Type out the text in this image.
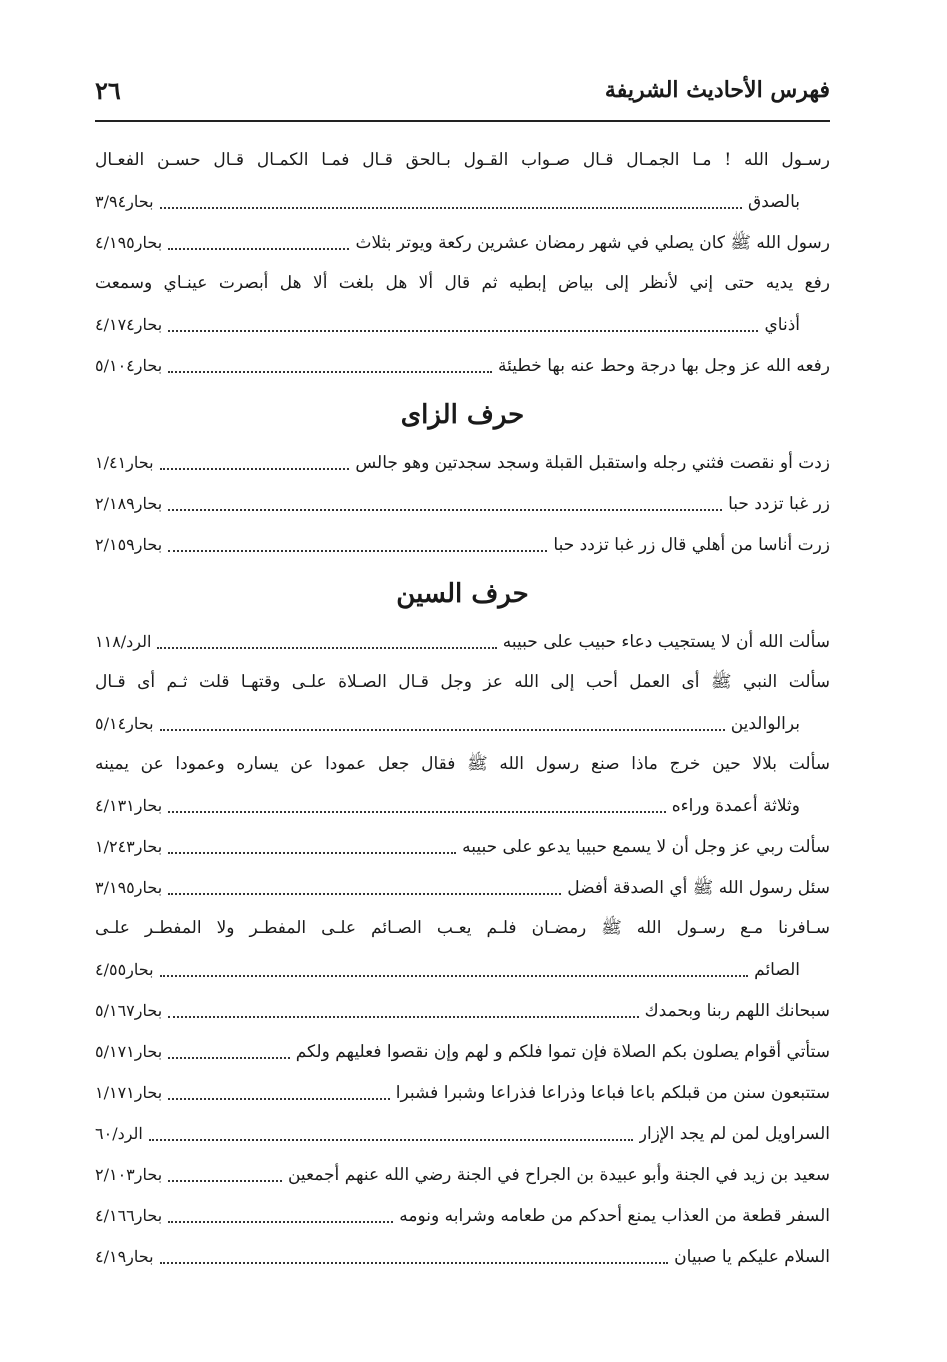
فهرس الأحاديث الشريفة
٢٦
رسـول الله ! مـا الجمـال قـال صـواب القـول بـالحق قـال فمـا الكمـال قـال حسـن الفعـال
بالصدق
بحار٣/٩٤
رسول الله ﷺ كان يصلي في شهر رمضان عشرين ركعة ويوتر بثلاث
بحار٤/١٩٥
رفع يديه حتى إني لأنظر إلى بياض إبطيه ثم قال ألا هل بلغت ألا هل أبصرت عينـاي وسمعت
أذناي
بحار٤/١٧٤
رفعه الله عز وجل بها درجة وحط عنه بها خطيئة
بحار٥/١٠٤
حرف الزاى
زدت أو نقصت فثني رجله واستقبل القبلة وسجد سجدتين وهو جالس
بحار١/٤١
زر غبا تزدد حبا
بحار٢/١٨٩
زرت أناسا من أهلي قال زر غبا تزدد حبا
بحار٢/١٥٩
حرف السين
سألت الله أن لا يستجيب دعاء حبيب على حبيبه
الرد/١١٨
سألت النبي ﷺ أى العمل أحب إلى الله عز وجل قـال الصـلاة علـى وقتهـا قلت ثـم أى قـال
برالوالدين
بحار٥/١٤
سألت بلالا حين خرج ماذا صنع رسول الله ﷺ فقال جعل عمودا عن يساره وعمودا عن يمينه
وثلاثة أعمدة وراءه
بحار٤/١٣١
سألت ربي عز وجل أن لا يسمع حبيبا يدعو على حبيبه
بحار١/٢٤٣
سئل رسول الله ﷺ أي الصدقة أفضل
بحار٣/١٩٥
سـافرنا مـع رسـول الله ﷺ رمضـان فلـم يعـب الصـائم علـى المفطـر ولا المفطـر علـى
الصائم
بحار٤/٥٥
سبحانك اللهم ربنا وبحمدك
بحار٥/١٦٧
ستأتي أقوام يصلون بكم الصلاة فإن تموا فلكم و لهم وإن نقصوا فعليهم ولكم
بحار٥/١٧١
ستتبعون سنن من قبلكم باعا فباعا وذراعا فذراعا وشبرا فشبرا
بحار١/١٧١
السراويل لمن لم يجد الإزار
الرد/٦٠
سعيد بن زيد في الجنة وأبو عبيدة بن الجراح في الجنة رضي الله عنهم أجمعين
بحار٢/١٠٣
السفر قطعة من العذاب يمنع أحدكم من طعامه وشرابه ونومه
بحار٤/١٦٦
السلام عليكم يا صبيان
بحار٤/١٩
